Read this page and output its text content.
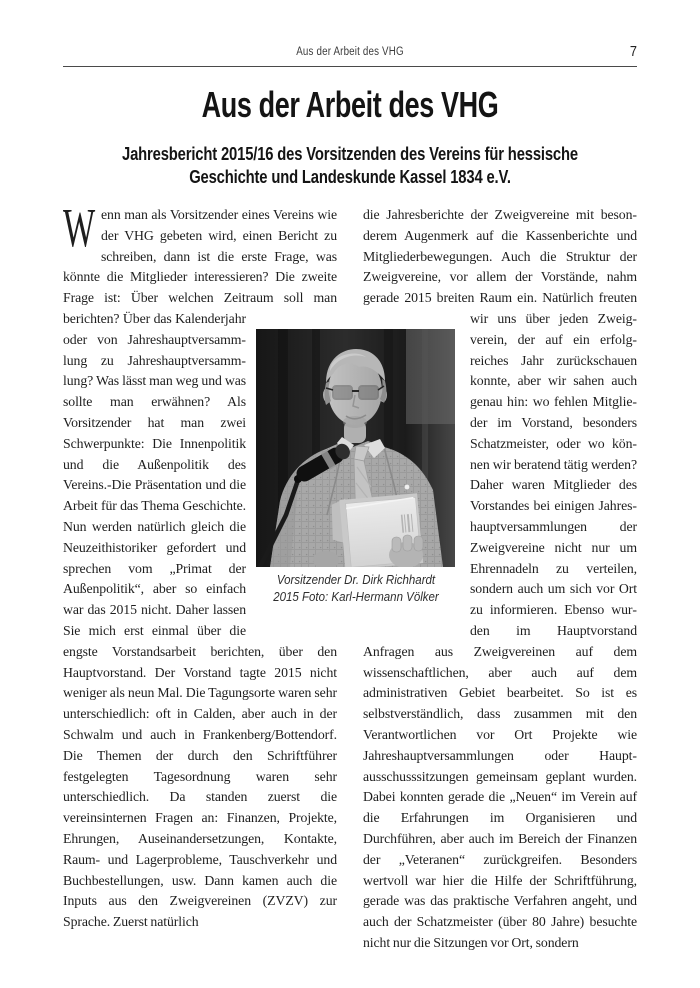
Aus der Arbeit des VHG	7
Aus der Arbeit des VHG
Jahresbericht 2015/16 des Vorsitzenden des Vereins für hessische
Geschichte und Landeskunde Kassel 1834 e.V.

Wenn man als Vorsitzender eines Vereins wie der VHG gebeten wird, einen Bericht zu schreiben, dann ist die erste Frage, was könnte die Mitglieder interessieren? Die zweite Frage ist: Über welchen Zeitraum soll man
berichten? Über das Kalenderjahr oder von Jahreshauptversammlung zu Jahreshauptversammlung? Was lässt man weg und was sollte man erwähnen? Als Vorsitzender hat man zwei Schwerpunkte: Die Innenpolitik und die Außenpolitik des Vereins.-Die Präsentation und die Arbeit für das Thema Geschichte. Nun werden natürlich gleich die Neuzeithistoriker gefordert und sprechen vom „Primat der Außenpolitik“, aber so einfach war das 2015 nicht. Daher lassen Sie mich erst einmal über die engste Vorstandsarbeit berichten, über den Hauptvorstand. Der Vorstand tagte 2015 nicht weniger als neun Mal. Die Tagungsorte waren sehr unterschiedlich: oft in Calden, aber auch in der Schwalm und auch in Frankenberg/Bottendorf. Die Themen der durch den Schriftführer festgelegten Tagesordnung waren sehr unterschiedlich. Da standen zuerst die vereinsinternen Fragen an: Finanzen, Projekte, Ehrungen, Auseinandersetzungen, Kontakte, Raum- und Lagerprobleme, Tauschverkehr und Buchbestellungen, usw. Dann kamen auch die Inputs aus den Zweigvereinen (ZVZV) zur Sprache. Zuerst natürlich

die Jahresberichte der Zweigvereine mit besonderem Augenmerk auf die Kassenberichte und Mitgliederbewegungen. Auch die Struktur der Zweigvereine, vor allem der Vorstände, nahm gerade 2015 breiten Raum ein. Natürlich
freuten wir uns über jeden Zweigverein, der auf ein erfolgreiches Jahr zurückschauen konnte, aber wir sahen auch genau hin: wo fehlen Mitglieder im Vorstand, besonders Schatzmeister, oder wo können wir beratend tätig werden? Daher waren Mitglieder des Vorstandes bei einigen Jahreshauptversammlungen der Zweigvereine nicht nur um Ehrennadeln zu verteilen, sondern auch um sich vor Ort zu informieren. Ebenso wurden im Hauptvorstand Anfragen aus Zweigvereinen auf dem wissenschaftlichen, aber auch auf dem administrativen Gebiet bearbeitet. So ist es selbstverständlich, dass zusammen mit den Verantwortlichen vor Ort Projekte wie Jahreshauptversammlungen oder Hauptausschusssitzungen gemeinsam geplant wurden. Dabei konnten gerade die „Neuen“ im Verein auf die Erfahrungen im Organisieren und Durchführen, aber auch im Bereich der Finanzen der „Veteranen“ zurückgreifen. Besonders wertvoll war hier die Hilfe der Schriftführung, gerade was das praktische Verfahren angeht, und auch der Schatzmeister (über 80 Jahre) besuchte nicht nur die Sitzungen vor Ort, sondern

Vorsitzender Dr. Dirk Richhardt
2015 Foto: Karl-Hermann Völker
